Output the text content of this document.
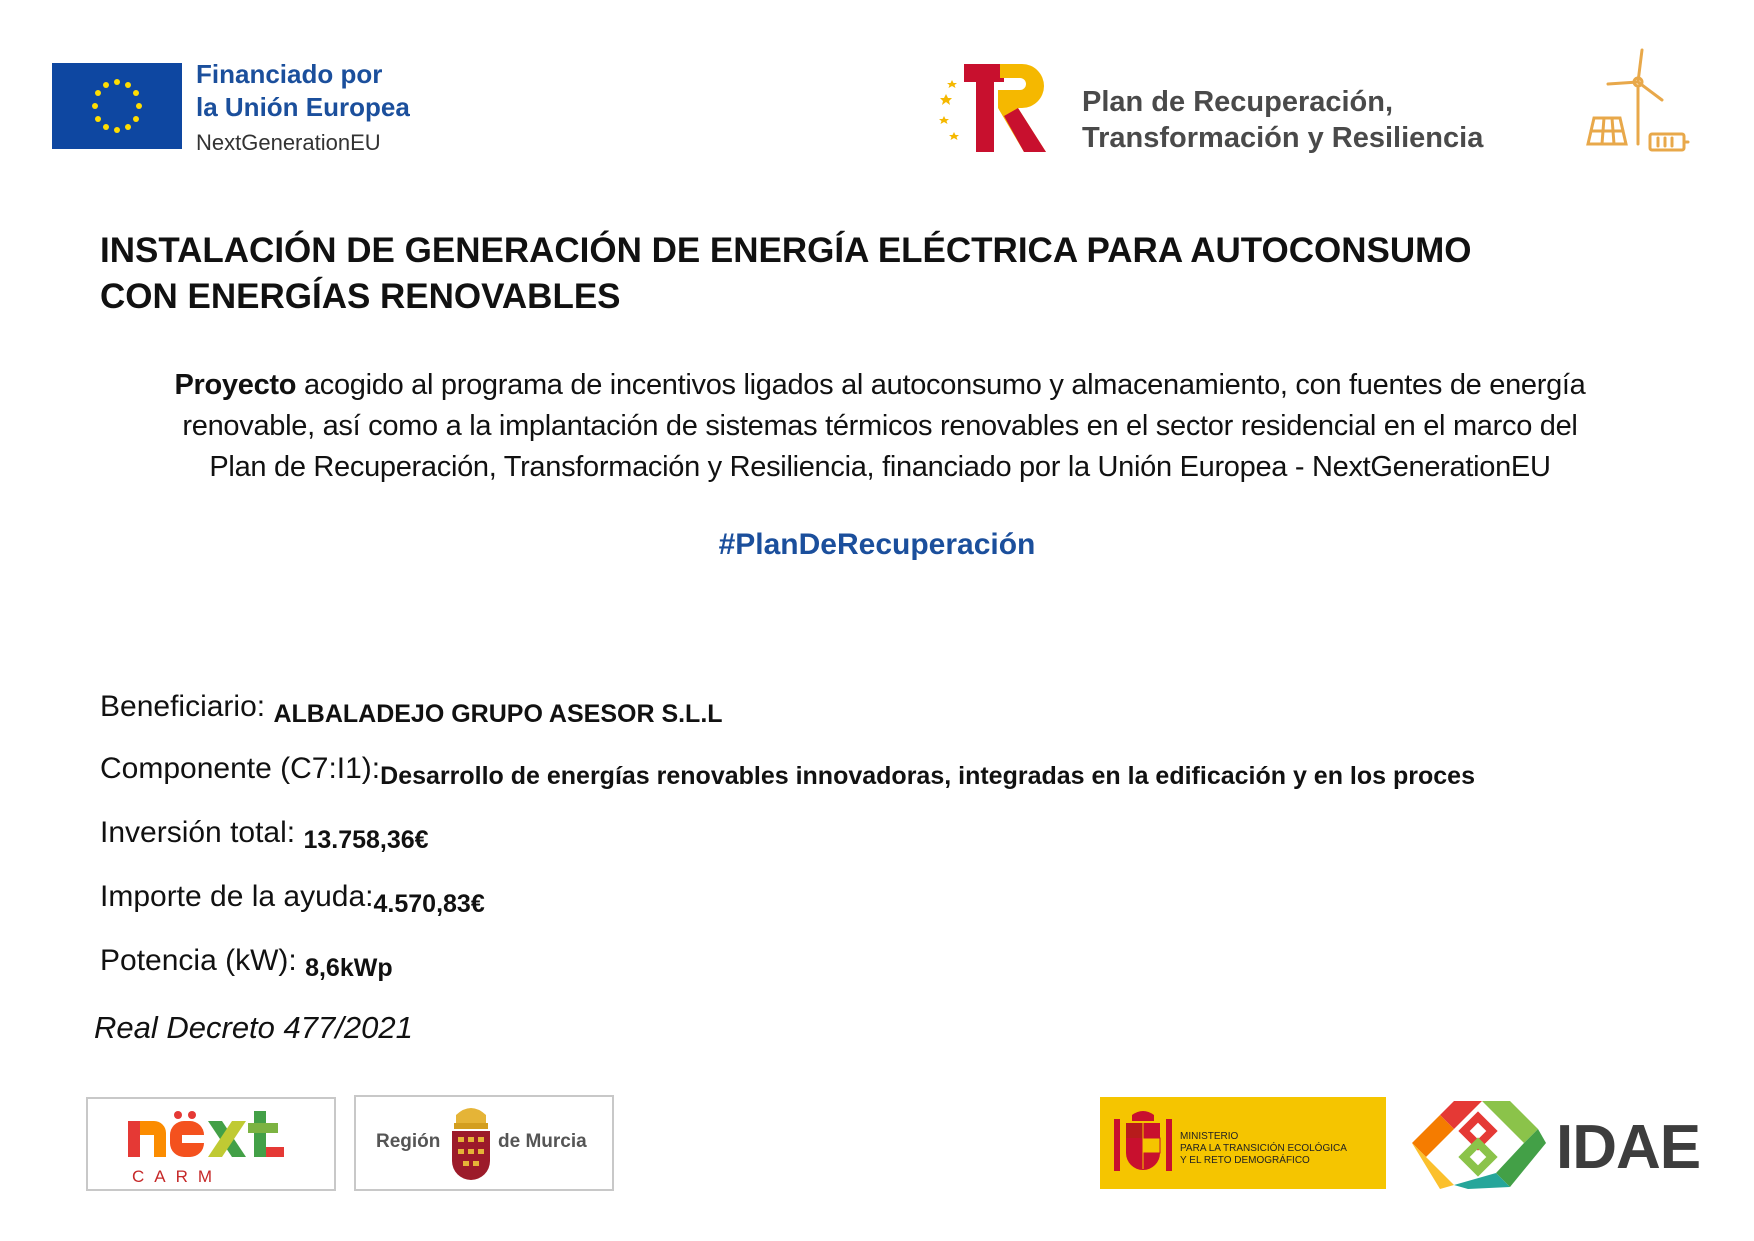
Financiado por
la Unión Europea
NextGenerationEU
Plan de Recuperación,
Transformación y Resiliencia
INSTALACIÓN DE GENERACIÓN DE ENERGÍA ELÉCTRICA PARA AUTOCONSUMO
CON ENERGÍAS RENOVABLES
Proyecto acogido al programa de incentivos ligados al autoconsumo y almacenamiento, con fuentes de energía
renovable, así como a la implantación de sistemas térmicos renovables en el sector residencial en el marco del
Plan de Recuperación, Transformación y Resiliencia, financiado por la Unión Europea - NextGenerationEU
#PlanDeRecuperación
Beneficiario: $_{ALBALADEJO GRUPO ASESOR S.L.L}$
Componente $(C7:I1):_{Desarrollo de energías renovables innovadoras, integradas en la edificación y en los proces}$
Inversión total: $_{13.758,36€}$
Importe de la $ayuda:_{4.570,83€}$
Potencia (kW): $_{8,6kWp}$
Real Decreto 477/2021
CARM
Región	de Murcia	MINISTERIO
PARA LA TRANSICIÓN ECOLÓGICA
Y EL RETO DEMOGRÁFICO	IDAE
